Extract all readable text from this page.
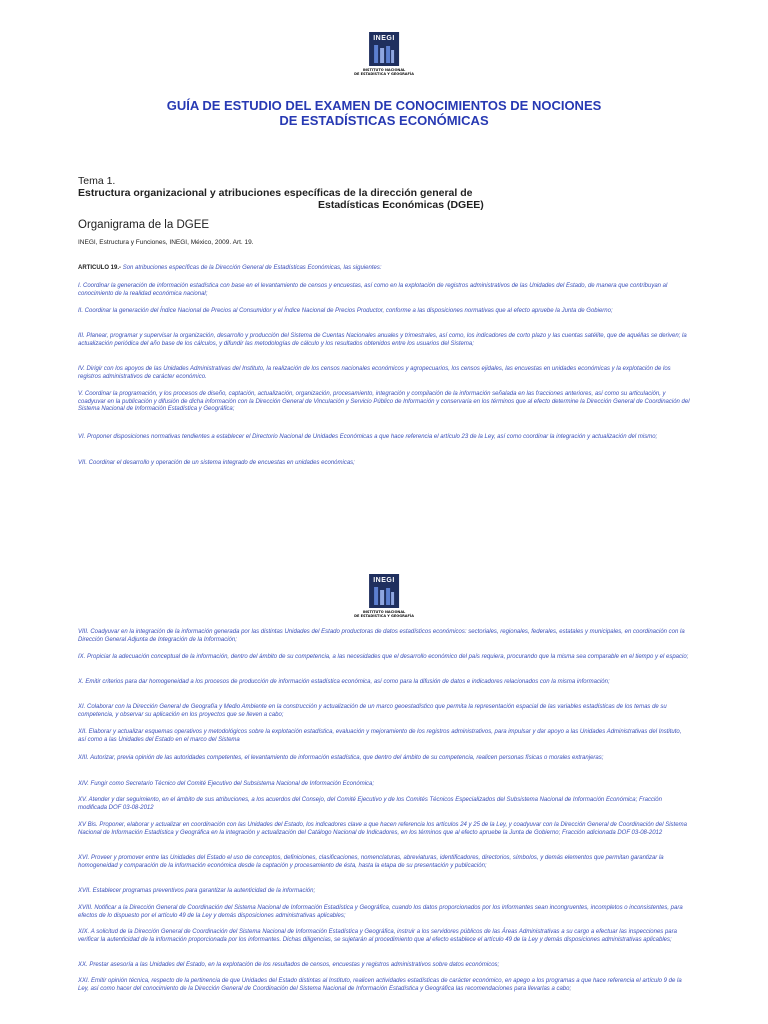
INEGI
INSTITUTO NACIONAL
DE ESTADÍSTICA Y GEOGRAFÍA
GUÍA DE ESTUDIO DEL EXAMEN DE CONOCIMIENTOS DE NOCIONES
DE ESTADÍSTICAS ECONÓMICAS
Tema 1.
Estructura organizacional y atribuciones específicas de la dirección general de
Estadísticas Económicas (DGEE)
Organigrama de la DGEE
INEGI, Estructura y Funciones, INEGI, México, 2009. Art. 19.
ARTICULO 19.- Son atribuciones específicas de la Dirección General de Estadísticas Económicas, las siguientes:
I. Coordinar la generación de información estadística con base en el levantamiento de censos y encuestas, así como en la explotación de registros administrativos de las Unidades del Estado, de manera que contribuyan al conocimiento de la realidad económica nacional;
II. Coordinar la generación del Índice Nacional de Precios al Consumidor y el Índice Nacional de Precios Productor, conforme a las disposiciones normativas que al efecto apruebe la Junta de Gobierno;
III. Planear, programar y supervisar la organización, desarrollo y producción del Sistema de Cuentas Nacionales anuales y trimestrales, así como, los indicadores de corto plazo y las cuentas satélite, que de aquéllas se deriven; la actualización periódica del año base de los cálculos, y difundir las metodologías de cálculo y los resultados obtenidos entre los usuarios del Sistema;
IV. Dirigir con los apoyos de las Unidades Administrativas del Instituto, la realización de los censos nacionales económicos y agropecuarios, los censos ejidales, las encuestas en unidades económicas y la explotación de los registros administrativos de carácter económico.
V. Coordinar la programación, y los procesos de diseño, captación, actualización, organización, procesamiento, integración y compilación de la información señalada en las fracciones anteriores, así como su articulación, y coadyuvar en la publicación y difusión de dicha información con la Dirección General de Vinculación y Servicio Público de Información y conservaria en los términos que al efecto determine la Dirección General de Coordinación del Sistema Nacional de Información Estadística y Geográfica;
VI. Proponer disposiciones normativas tendientes a establecer el Directorio Nacional de Unidades Económicas a que hace referencia el artículo 23 de la Ley, así como coordinar la integración y actualización del mismo;
VII. Coordinar el desarrollo y operación de un sistema integrado de encuestas en unidades económicas;
INEGI
INSTITUTO NACIONAL
DE ESTADÍSTICA Y GEOGRAFÍA
VIII. Coadyuvar en la integración de la información generada por las distintas Unidades del Estado productoras de datos estadísticos económicos: sectoriales, regionales, federales, estatales y municipales, en coordinación con la Dirección General Adjunta de Integración de la Información;
IX. Propiciar la adecuación conceptual de la información, dentro del ámbito de su competencia, a las necesidades que el desarrollo económico del país requiera, procurando que la misma sea comparable en el tiempo y el espacio;
X. Emitir criterios para dar homogeneidad a los procesos de producción de información estadística económica, así como para la difusión de datos e indicadores relacionados con la misma información;
XI. Colaborar con la Dirección General de Geografía y Medio Ambiente en la construcción y actualización de un marco geoestadístico que permita la representación espacial de las variables estadísticas de los temas de su competencia, y observar su aplicación en los proyectos que se lleven a cabo;
XII. Elaborar y actualizar esquemas operativos y metodológicos sobre la explotación estadística, evaluación y mejoramiento de los registros administrativos, para impulsar y dar apoyo a las Unidades Administrativas del Instituto, así como a las Unidades del Estado en el marco del Sistema
XIII. Autorizar, previa opinión de las autoridades competentes, el levantamiento de información estadística, que dentro del ámbito de su competencia, realicen personas físicas o morales extranjeras;
XIV. Fungir como Secretario Técnico del Comité Ejecutivo del Subsistema Nacional de Información Económica;
XV. Atender y dar seguimiento, en el ámbito de sus atribuciones, a los acuerdos del Consejo, del Comité Ejecutivo y de los Comités Técnicos Especializados del Subsistema Nacional de Información Económica; Fracción modificada DOF 03-08-2012
XV Bis. Proponer, elaborar y actualizar en coordinación con las Unidades del Estado, los indicadores clave a que hacen referencia los artículos 24 y 25 de la Ley, y coadyuvar con la Dirección General de Coordinación del Sistema Nacional de Información Estadística y Geográfica en la integración y actualización del Catálogo Nacional de Indicadores, en los términos que al efecto apruebe la Junta de Gobierno; Fracción adicionada DOF 03-08-2012
XVI. Proveer y promover entre las Unidades del Estado el uso de conceptos, definiciones, clasificaciones, nomenclaturas, abreviaturas, identificadores, directorios, símbolos, y demás elementos que permitan garantizar la homogeneidad y comparación de la información económica desde la captación y procesamiento de ésta, hasta la etapa de su presentación y publicación;
XVII. Establecer programas preventivos para garantizar la autenticidad de la información;
XVIII. Notificar a la Dirección General de Coordinación del Sistema Nacional de Información Estadística y Geográfica, cuando los datos proporcionados por los informantes sean incongruentes, incompletos o inconsistentes, para efectos de lo dispuesto por el artículo 49 de la Ley y demás disposiciones administrativas aplicables;
XIX. A solicitud de la Dirección General de Coordinación del Sistema Nacional de Información Estadística y Geográfica, instruir a los servidores públicos de las Áreas Administrativas a su cargo a efectuar las inspecciones para verificar la autenticidad de la información proporcionada por los informantes. Dichas diligencias, se sujetarán al procedimiento que al efecto establece el artículo 49 de la Ley y demás disposiciones administrativas aplicables;
XX. Prestar asesoría a las Unidades del Estado, en la explotación de los resultados de censos, encuestas y registros administrativos sobre datos económicos;
XXI. Emitir opinión técnica, respecto de la pertinencia de que Unidades del Estado distintas al Instituto, realicen actividades estadísticas de carácter económico, en apego a los programas a que hace referencia el artículo 9 de la Ley, así como hacer del conocimiento de la Dirección General de Coordinación del Sistema Nacional de Información Estadística y Geográfica las recomendaciones para llevarlas a cabo;
